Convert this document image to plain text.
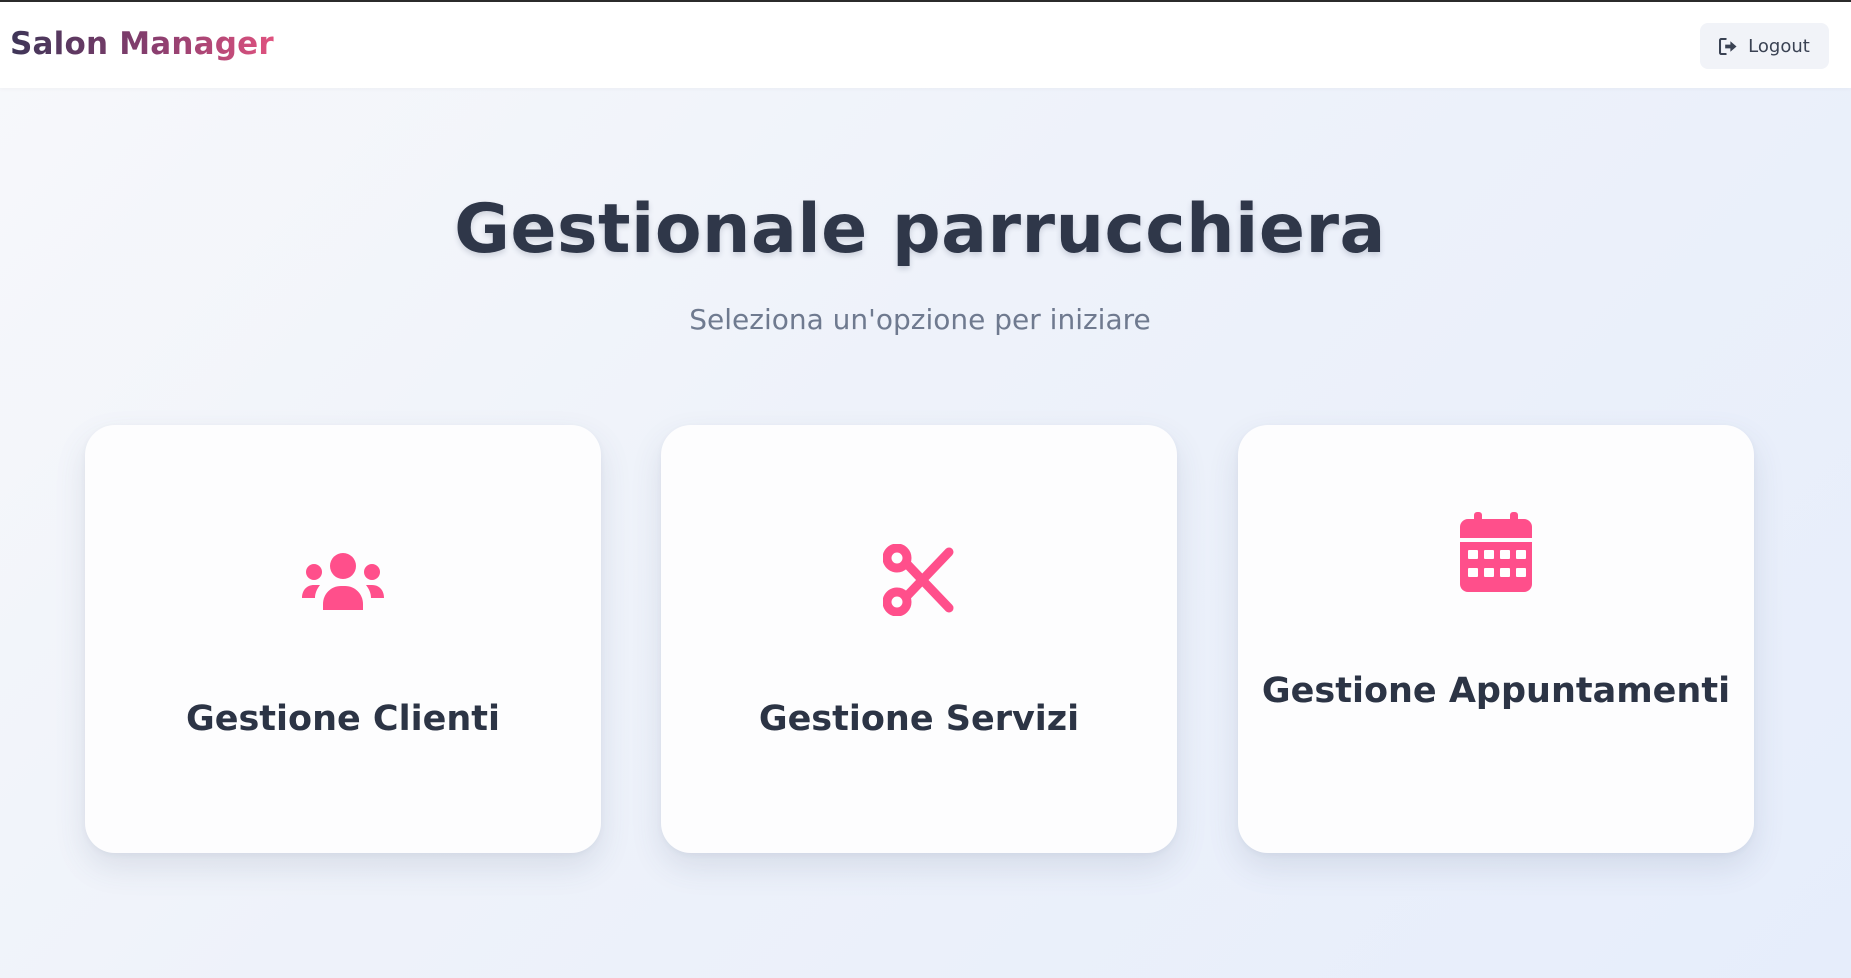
Salon Manager	Logout
Gestionale parrucchiera

Seleziona un'opzione per iniziare

Gestione Clienti	Gestione Servizi
Gestione Appuntamenti
